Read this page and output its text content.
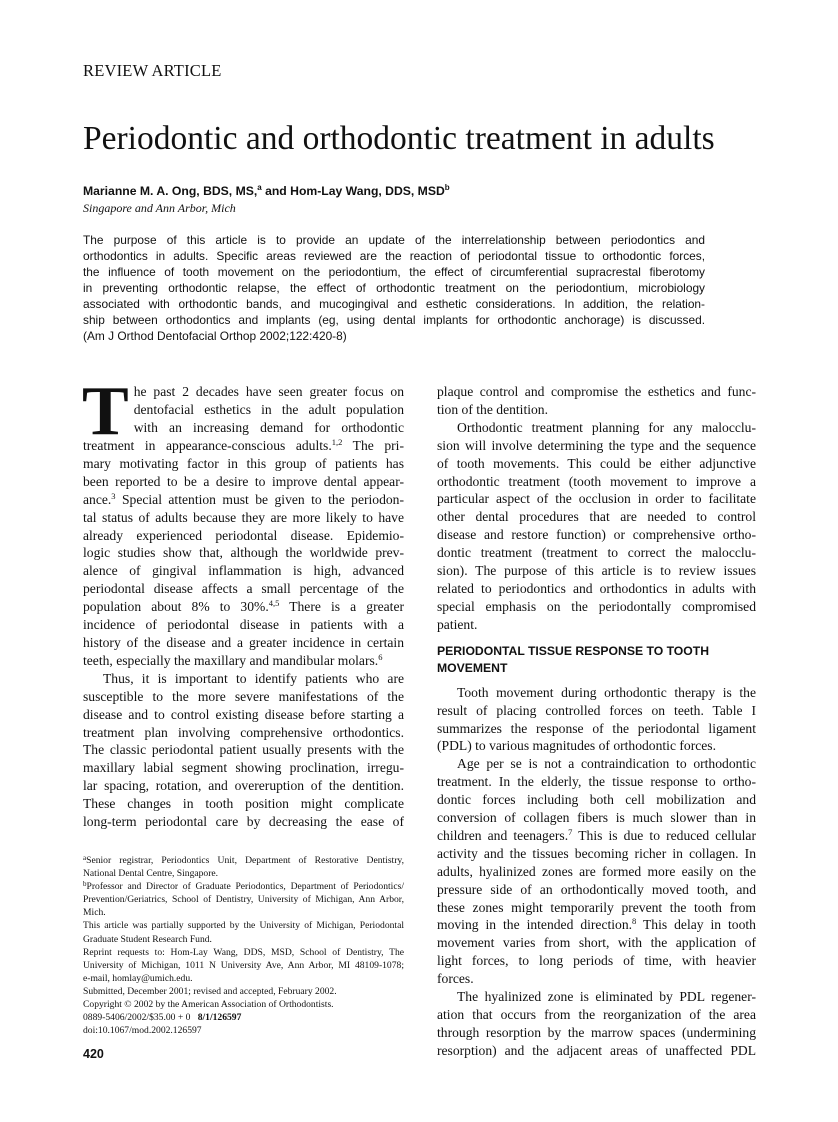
REVIEW ARTICLE
Periodontic and orthodontic treatment in adults
Marianne M. A. Ong, BDS, MS,$^a$ and Hom-Lay Wang, DDS, MSD$^b$
Singapore and Ann Arbor, Mich
The purpose of this article is to provide an update of the interrelationship between periodontics and
orthodontics in adults. Specific areas reviewed are the reaction of periodontal tissue to orthodontic forces,
the influence of tooth movement on the periodontium, the effect of circumferential supracrestal fiberotomy
in preventing orthodontic relapse, the effect of orthodontic treatment on the periodontium, microbiology
associated with orthodontic bands, and mucogingival and esthetic considerations. In addition, the relation-
ship between orthodontics and implants (eg, using dental implants for orthodontic anchorage) is discussed.
(Am J Orthod Dentofacial Orthop 2002;122:420-8)
T he past 2 decades have seen greater focus on
dentofacial esthetics in the adult population
with an increasing demand for orthodontic
treatment in appearance-conscious adults.$^{1,2}$ The pri-
mary motivating factor in this group of patients has
been reported to be a desire to improve dental appear-
ance.$^3$ Special attention must be given to the periodon-
tal status of adults because they are more likely to have
already experienced periodontal disease. Epidemio-
logic studies show that, although the worldwide prev-
alence of gingival inflammation is high, advanced
periodontal disease affects a small percentage of the
population about 8% to 30%.$^{4,5}$ There is a greater
incidence of periodontal disease in patients with a
history of the disease and a greater incidence in certain
teeth, especially the maxillary and mandibular molars.$^6$
Thus, it is important to identify patients who are
susceptible to the more severe manifestations of the
disease and to control existing disease before starting a
treatment plan involving comprehensive orthodontics.
The classic periodontal patient usually presents with the
maxillary labial segment showing proclination, irregu-
lar spacing, rotation, and overeruption of the dentition.
These changes in tooth position might complicate
long-term periodontal care by decreasing the ease of
$^a$Senior registrar, Periodontics Unit, Department of Restorative Dentistry,
National Dental Centre, Singapore.
$^b$Professor and Director of Graduate Periodontics, Department of Periodontics/
Prevention/Geriatrics, School of Dentistry, University of Michigan, Ann Arbor,
Mich.
This article was partially supported by the University of Michigan, Periodontal
Graduate Student Research Fund.
Reprint requests to: Hom-Lay Wang, DDS, MSD, School of Dentistry, The
University of Michigan, 1011 N University Ave, Ann Arbor, MI 48109-1078;
e-mail, homlay@umich.edu.
Submitted, December 2001; revised and accepted, February 2002.
Copyright © 2002 by the American Association of Orthodontists.
0889-5406/2002/$35.00 + 0 8/1/126597
doi:10.1067/mod.2002.126597
420
plaque control and compromise the esthetics and func-
tion of the dentition.
Orthodontic treatment planning for any malocclu-
sion will involve determining the type and the sequence
of tooth movements. This could be either adjunctive
orthodontic treatment (tooth movement to improve a
particular aspect of the occlusion in order to facilitate
other dental procedures that are needed to control
disease and restore function) or comprehensive ortho-
dontic treatment (treatment to correct the malocclu-
sion). The purpose of this article is to review issues
related to periodontics and orthodontics in adults with
special emphasis on the periodontally compromised
patient.
PERIODONTAL TISSUE RESPONSE TO TOOTH
MOVEMENT
Tooth movement during orthodontic therapy is the
result of placing controlled forces on teeth. Table I
summarizes the response of the periodontal ligament
(PDL) to various magnitudes of orthodontic forces.
Age per se is not a contraindication to orthodontic
treatment. In the elderly, the tissue response to ortho-
dontic forces including both cell mobilization and
conversion of collagen fibers is much slower than in
children and teenagers.$^7$ This is due to reduced cellular
activity and the tissues becoming richer in collagen. In
adults, hyalinized zones are formed more easily on the
pressure side of an orthodontically moved tooth, and
these zones might temporarily prevent the tooth from
moving in the intended direction.$^8$ This delay in tooth
movement varies from short, with the application of
light forces, to long periods of time, with heavier
forces.
The hyalinized zone is eliminated by PDL regener-
ation that occurs from the reorganization of the area
through resorption by the marrow spaces (undermining
resorption) and the adjacent areas of unaffected PDL
